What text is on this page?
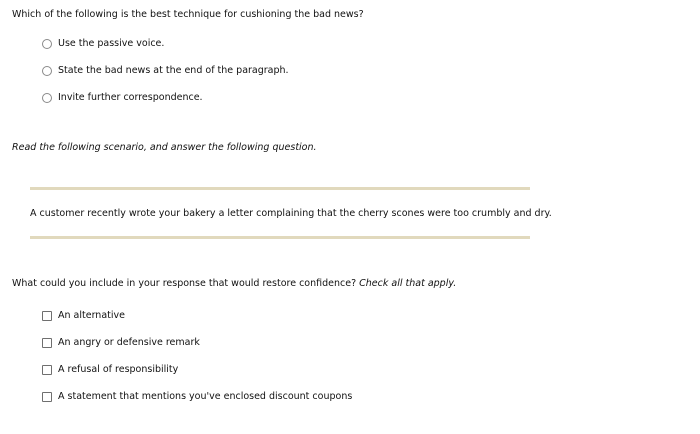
Which of the following is the best technique for cushioning the bad news?
Use the passive voice.
State the bad news at the end of the paragraph.
Invite further correspondence.
Read the following scenario, and answer the following question.
A customer recently wrote your bakery a letter complaining that the cherry scones were too crumbly and dry.
What could you include in your response that would restore confidence? Check all that apply.
An alternative
An angry or defensive remark
A refusal of responsibility
A statement that mentions you've enclosed discount coupons
